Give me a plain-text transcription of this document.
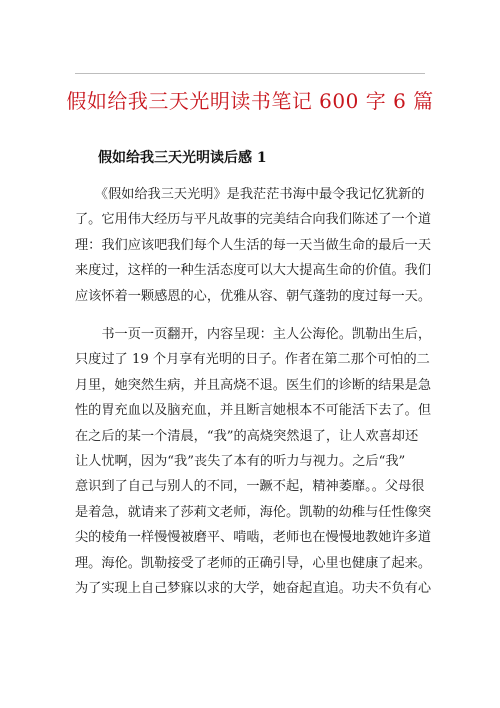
假如给我三天光明读书笔记 600 字 6 篇
假如给我三天光明读后感 1
　　《假如给我三天光明》是我茫茫书海中最令我记忆犹新的
了。它用伟大经历与平凡故事的完美结合向我们陈述了一个道
理：我们应该吧我们每个人生活的每一天当做生命的最后一天
来度过，这样的一种生活态度可以大大提高生命的价值。我们
应该怀着一颗感恩的心，优雅从容、朝气蓬勃的度过每一天。
　　书一页一页翻开，内容呈现：主人公海伦。凯勒出生后，
只度过了 19 个月享有光明的日子。作者在第二那个可怕的二
月里，她突然生病，并且高烧不退。医生们的诊断的结果是急
性的胃充血以及脑充血，并且断言她根本不可能活下去了。但
在之后的某一个清晨，“我”的高烧突然退了，让人欢喜却还
让人忧啊，因为“我”丧失了本有的听力与视力。之后“我”
意识到了自己与别人的不同，一蹶不起，精神萎靡。。父母很
是着急，就请来了莎莉文老师，海伦。凯勒的幼稚与任性像突
尖的棱角一样慢慢被磨平、啃啮，老师也在慢慢地教她许多道
理。海伦。凯勒接受了老师的正确引导，心里也健康了起来。
为了实现上自己梦寐以求的大学，她奋起直追。功夫不负有心
